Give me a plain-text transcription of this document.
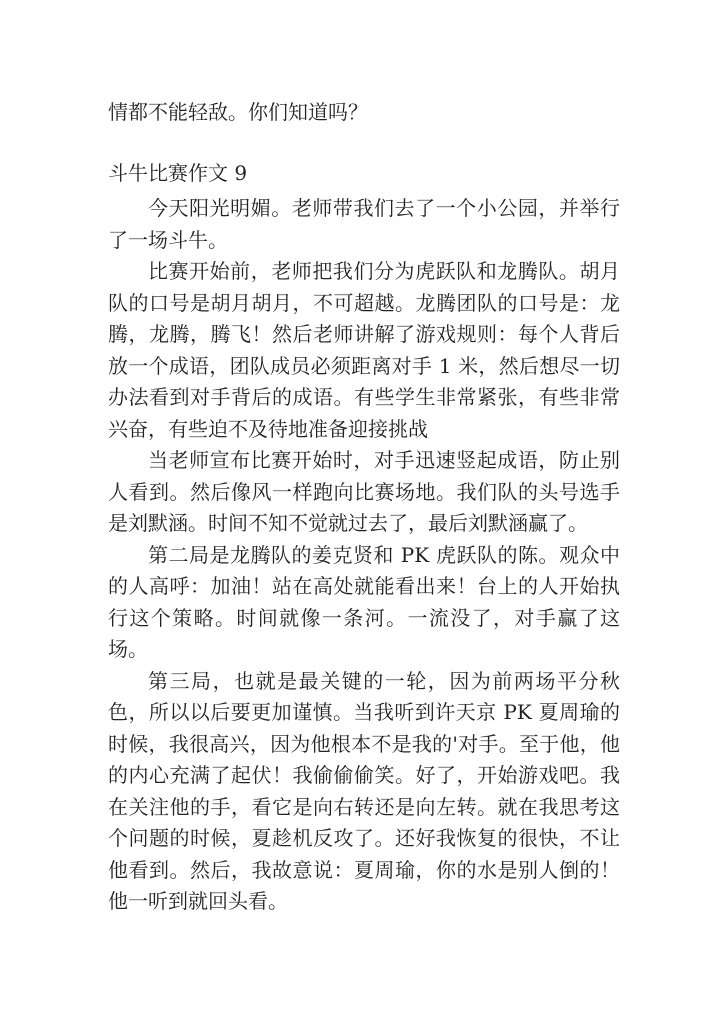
情都不能轻敌。你们知道吗？

斗牛比赛作文 9

今天阳光明媚。老师带我们去了一个小公园，并举行了一场斗牛。

比赛开始前，老师把我们分为虎跃队和龙腾队。胡月队的口号是胡月胡月，不可超越。龙腾团队的口号是：龙腾，龙腾，腾飞！然后老师讲解了游戏规则：每个人背后放一个成语，团队成员必须距离对手 1 米，然后想尽一切办法看到对手背后的成语。有些学生非常紧张，有些非常兴奋，有些迫不及待地准备迎接挑战

当老师宣布比赛开始时，对手迅速竖起成语，防止别人看到。然后像风一样跑向比赛场地。我们队的头号选手是刘默涵。时间不知不觉就过去了，最后刘默涵赢了。

第二局是龙腾队的姜克贤和 PK 虎跃队的陈。观众中的人高呼：加油！站在高处就能看出来！台上的人开始执行这个策略。时间就像一条河。一流没了，对手赢了这场。

第三局，也就是最关键的一轮，因为前两场平分秋色，所以以后要更加谨慎。当我听到许天京 PK 夏周瑜的时候，我很高兴，因为他根本不是我的'对手。至于他，他的内心充满了起伏！我偷偷偷笑。好了，开始游戏吧。我在关注他的手，看它是向右转还是向左转。就在我思考这个问题的时候，夏趁机反攻了。还好我恢复的很快，不让他看到。然后，我故意说：夏周瑜，你的水是别人倒的！他一听到就回头看。
